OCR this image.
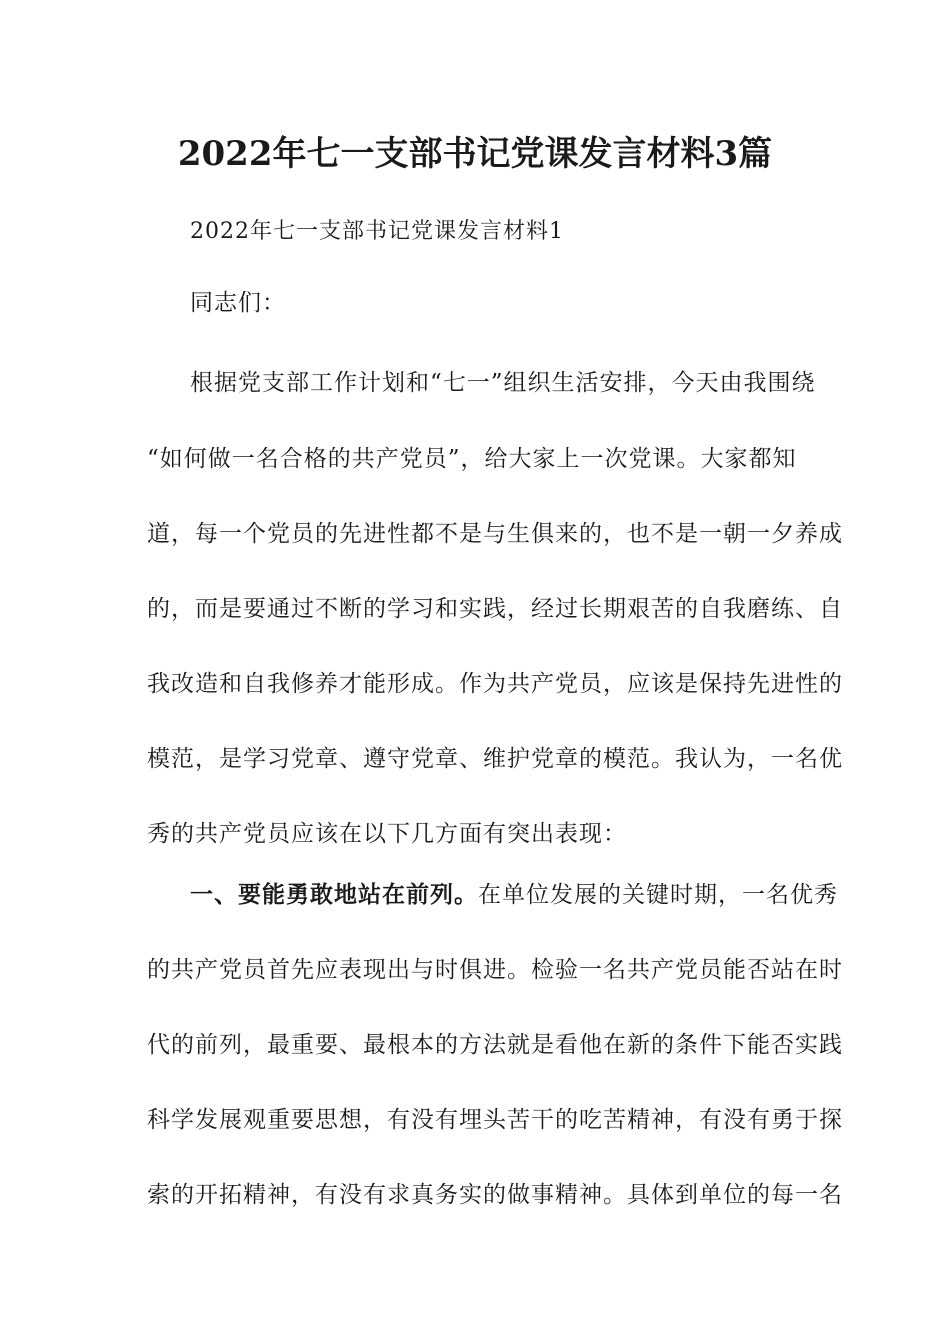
2022年七一支部书记党课发言材料3篇

2022年七一支部书记党课发言材料1

同志们：

根据党支部工作计划和“七一”组织生活安排，今天由我围绕

“如何做一名合格的共产党员”，给大家上一次党课。大家都知

道，每一个党员的先进性都不是与生俱来的，也不是一朝一夕养成

的，而是要通过不断的学习和实践，经过长期艰苦的自我磨练、自

我改造和自我修养才能形成。作为共产党员，应该是保持先进性的

模范，是学习党章、遵守党章、维护党章的模范。我认为，一名优

秀的共产党员应该在以下几方面有突出表现：

一、要能勇敢地站在前列。在单位发展的关键时期，一名优秀

的共产党员首先应表现出与时俱进。检验一名共产党员能否站在时

代的前列，最重要、最根本的方法就是看他在新的条件下能否实践

科学发展观重要思想，有没有埋头苦干的吃苦精神，有没有勇于探

索的开拓精神，有没有求真务实的做事精神。具体到单位的每一名
